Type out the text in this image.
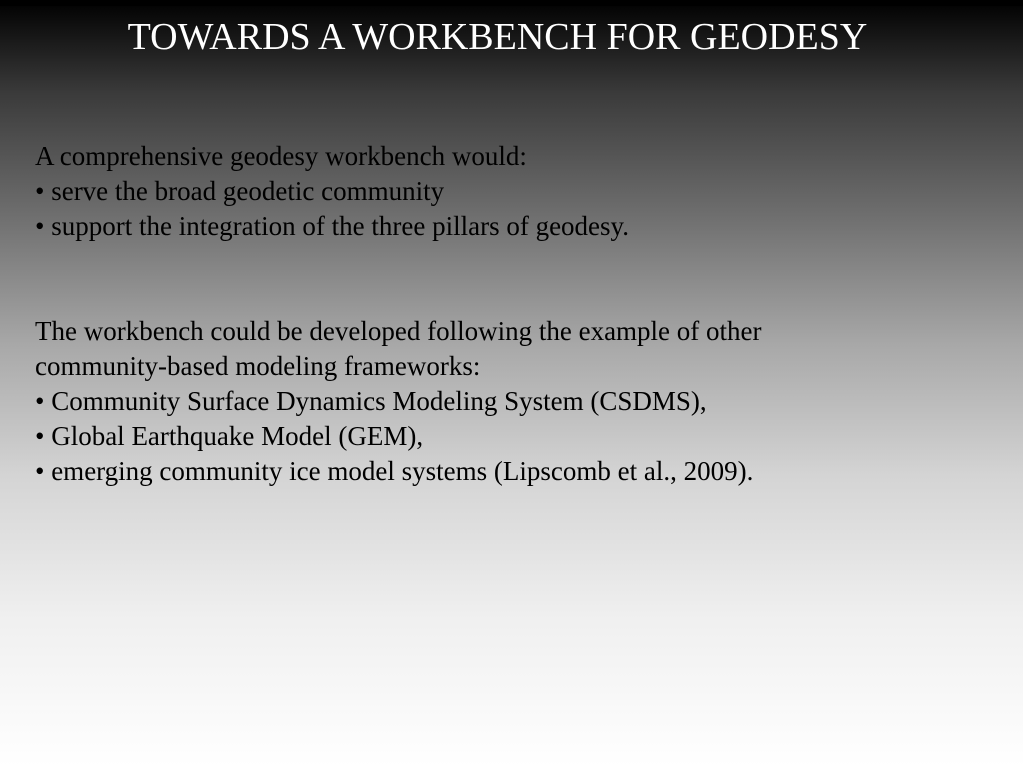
TOWARDS A WORKBENCH FOR GEODESY
A comprehensive geodesy workbench would:
• serve the broad geodetic community
• support the integration of the three pillars of geodesy.
The workbench could be developed following the example of other
community-based modeling frameworks:
• Community Surface Dynamics Modeling System (CSDMS),
• Global Earthquake Model (GEM),
• emerging community ice model systems (Lipscomb et al., 2009).
